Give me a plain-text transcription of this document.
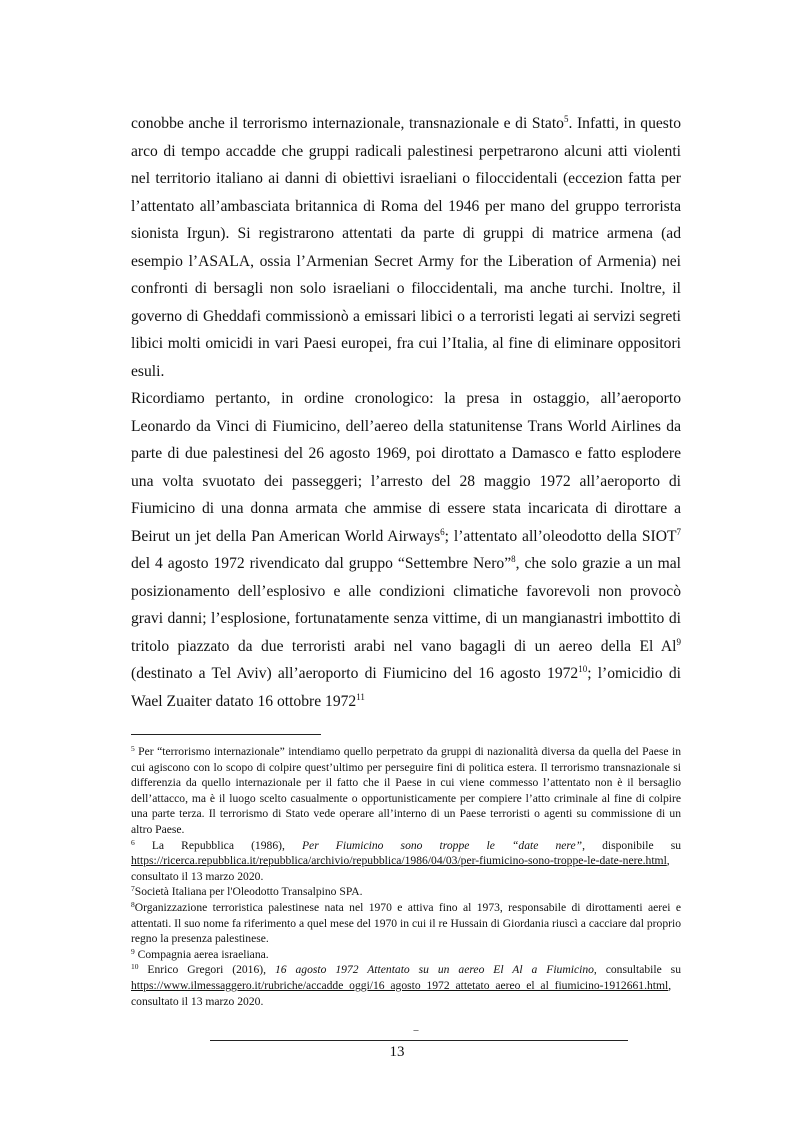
conobbe anche il terrorismo internazionale, transnazionale e di Stato$^5$. Infatti, in questo arco di tempo accadde che gruppi radicali palestinesi perpetrarono alcuni atti violenti nel territorio italiano ai danni di obiettivi israeliani o filoccidentali (eccezion fatta per l’attentato all’ambasciata britannica di Roma del 1946 per mano del gruppo terrorista sionista Irgun). Si registrarono attentati da parte di gruppi di matrice armena (ad esempio l’ASALA, ossia l’Armenian Secret Army for the Liberation of Armenia) nei confronti di bersagli non solo israeliani o filoccidentali, ma anche turchi. Inoltre, il governo di Gheddafi commissionò a emissari libici o a terroristi legati ai servizi segreti libici molti omicidi in vari Paesi europei, fra cui l’Italia, al fine di eliminare oppositori esuli.

Ricordiamo pertanto, in ordine cronologico: la presa in ostaggio, all’aeroporto Leonardo da Vinci di Fiumicino, dell’aereo della statunitense Trans World Airlines da parte di due palestinesi del 26 agosto 1969, poi dirottato a Damasco e fatto esplodere una volta svuotato dei passeggeri; l’arresto del 28 maggio 1972 all’aeroporto di Fiumicino di una donna armata che ammise di essere stata incaricata di dirottare a Beirut un jet della Pan American World Airways$^6$; l’attentato all’oleodotto della SIOT$^7$ del 4 agosto 1972 rivendicato dal gruppo “Settembre Nero”$^8$, che solo grazie a un mal posizionamento dell’esplosivo e alle condizioni climatiche favorevoli non provocò gravi danni; l’esplosione, fortunatamente senza vittime, di un mangianastri imbottito di tritolo piazzato da due terroristi arabi nel vano bagagli di un aereo della El Al$^9$ (destinato a Tel Aviv) all’aeroporto di Fiumicino del 16 agosto 1972$^{10}$; l’omicidio di Wael Zuaiter datato 16 ottobre 1972$^{11}$

$^5$ Per “terrorismo internazionale” intendiamo quello perpetrato da gruppi di nazionalità diversa da quella del Paese in cui agiscono con lo scopo di colpire quest’ultimo per perseguire fini di politica estera. Il terrorismo transnazionale si differenzia da quello internazionale per il fatto che il Paese in cui viene commesso l’attentato non è il bersaglio dell’attacco, ma è il luogo scelto casualmente o opportunisticamente per compiere l’atto criminale al fine di colpire una parte terza. Il terrorismo di Stato vede operare all’interno di un Paese terroristi o agenti su commissione di un altro Paese.

$^6$ La Repubblica (1986), Per Fiumicino sono troppe le “date nere”, disponibile su https://ricerca.repubblica.it/repubblica/archivio/repubblica/1986/04/03/per-fiumicino-sono-troppe-le-date-nere.html, consultato il 13 marzo 2020.

$^7$Società Italiana per l'Oleodotto Transalpino SPA.

$^8$Organizzazione terroristica palestinese nata nel 1970 e attiva fino al 1973, responsabile di dirottamenti aerei e attentati. Il suo nome fa riferimento a quel mese del 1970 in cui il re Hussain di Giordania riuscì a cacciare dal proprio regno la presenza palestinese.

$^9$ Compagnia aerea israeliana.

$^{10}$ Enrico Gregori (2016), 16 agosto 1972 Attentato su un aereo El Al a Fiumicino, consultabile su https://www.ilmessaggero.it/rubriche/accadde_oggi/16_agosto_1972_attetato_aereo_el_al_fiumicino-1912661.html, consultato il 13 marzo 2020.

–
13
